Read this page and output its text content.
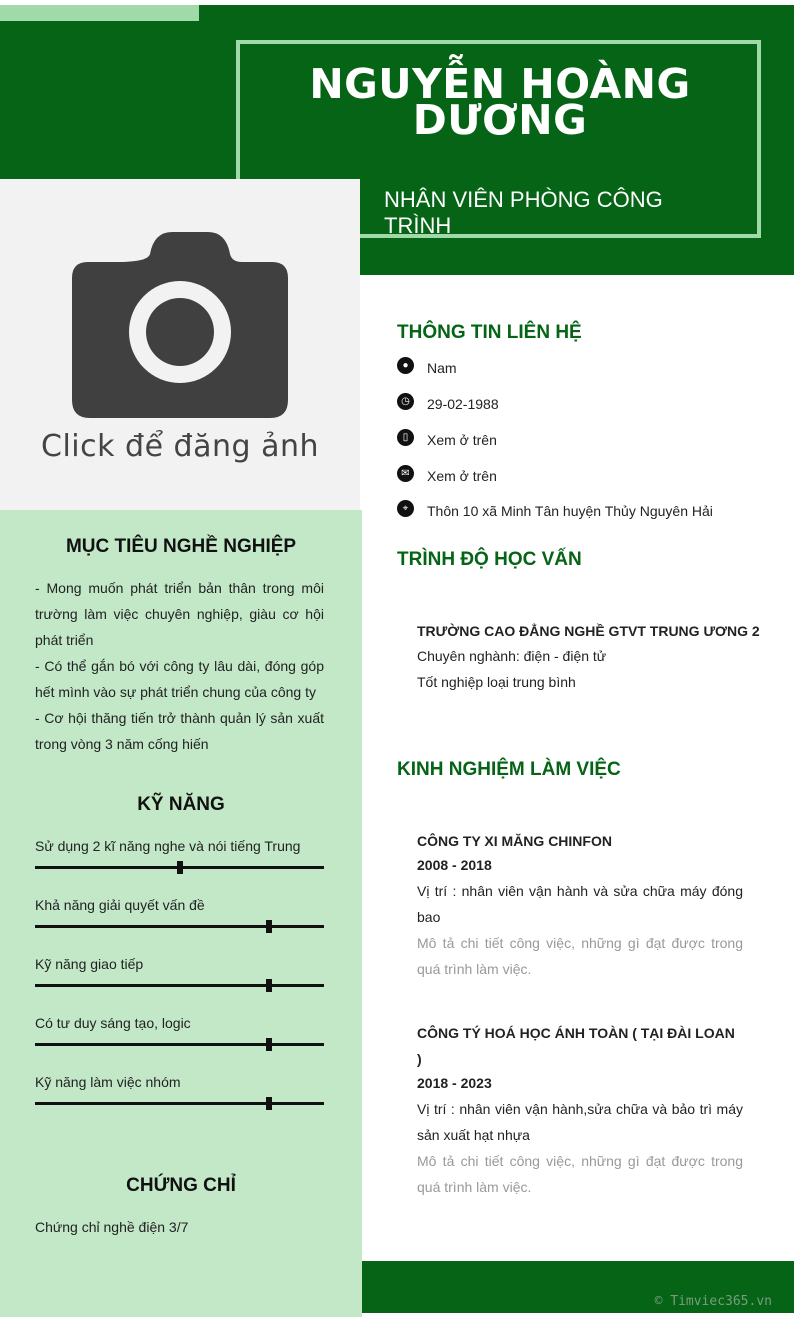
NGUYỄN HOÀNG
DƯƠNG
NHÂN VIÊN PHÒNG CÔNG
TRÌNH
Click để đăng ảnh
MỤC TIÊU NGHỀ NGHIỆP
- Mong muốn phát triển bản thân trong môi trường làm việc chuyên nghiệp, giàu cơ hội phát triển
- Có thể gắn bó với công ty lâu dài, đóng góp hết mình vào sự phát triển chung của công ty
- Cơ hội thăng tiến trở thành quản lý sản xuất trong vòng 3 năm cống hiến
KỸ NĂNG
Sử dụng 2 kĩ năng nghe và nói tiếng Trung
Khả năng giải quyết vấn đề
Kỹ năng giao tiếp
Có tư duy sáng tạo, logic
Kỹ năng làm việc nhóm
CHỨNG CHỈ
Chứng chỉ nghề điện 3/7
THÔNG TIN LIÊN HỆ
●	Nam
◷ 29-02-1988
▯	Xem ở trên
✉	Xem ở trên
⌖	Thôn 10 xã Minh Tân huyện Thủy Nguyên Hải
TRÌNH ĐỘ HỌC VẤN
TRƯỜNG CAO ĐẲNG NGHỀ GTVT TRUNG ƯƠNG 2
Chuyên nghành: điện - điện tử
Tốt nghiệp loại trung bình
KINH NGHIỆM LÀM VIỆC
CÔNG TY XI MĂNG CHINFON
2008 - 2018
Vị trí : nhân viên vận hành và sửa chữa máy đóng bao
Mô tả chi tiết công việc, những gì đạt được trong quá trình làm việc.
CÔNG TÝ HOÁ HỌC ÁNH TOÀN ( TẠI ĐÀI LOAN )
2018 - 2023
Vị trí : nhân viên vận hành,sửa chữa và bảo trì máy sản xuất hạt nhựa
Mô tả chi tiết công việc, những gì đạt được trong quá trình làm việc.
© Timviec365.vn
